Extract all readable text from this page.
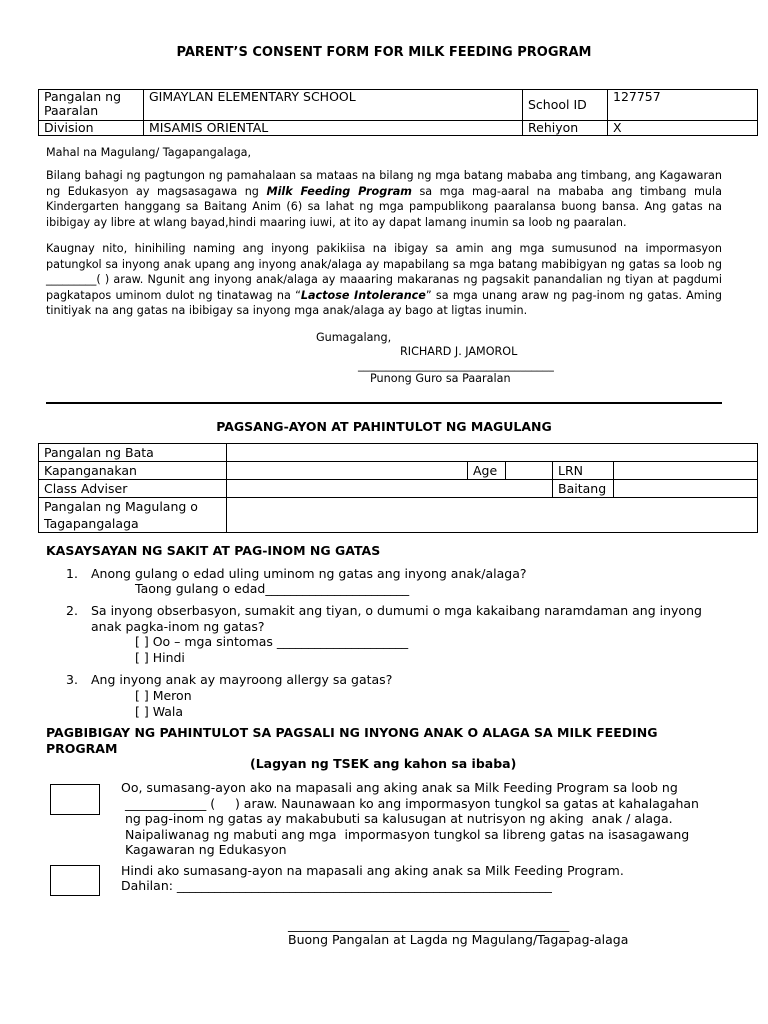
PARENT’S CONSENT FORM FOR MILK FEEDING PROGRAM
Pangalan ng Paaralan	GIMAYLAN ELEMENTARY SCHOOL	School ID	127757
Division	MISAMIS ORIENTAL	Rehiyon	X
Mahal na Magulang/ Tagapangalaga,
Bilang bahagi ng pagtungon ng pamahalaan sa mataas na bilang ng mga batang mababa ang timbang, ang Kagawaran ng Edukasyon ay magsasagawa ng Milk Feeding Program sa mga mag-aaral na mababa ang timbang mula Kindergarten hanggang sa Baitang Anim (6) sa lahat ng mga pampublikong paaralansa buong bansa. Ang gatas na ibibigay ay libre at wlang bayad,hindi maaring iuwi, at ito ay dapat lamang inumin sa loob ng paaralan.
Kaugnay nito, hinihiling naming ang inyong pakikiisa na ibigay sa amin ang mga sumusunod na impormasyon patungkol sa inyong anak upang ang inyong anak/alaga ay mapabilang sa mga batang mabibigyan ng gatas sa loob ng _________( ) araw. Ngunit ang inyong anak/alaga ay maaaring makaranas ng pagsakit panandalian ng tiyan at pagdumi pagkatapos uminom dulot ng tinatawag na “Lactose Intolerance” sa mga unang araw ng pag-inom ng gatas. Aming tinitiyak na ang gatas na ibibigay sa inyong mga anak/alaga ay bago at ligtas inumin.
Gumagalang,
RICHARD J. JAMOROL
___________________________________
Punong Guro sa Paaralan
PAGSANG-AYON AT PAHINTULOT NG MAGULANG
Pangalan ng Bata					
Kapanganakan		Age		LRN	
Class Adviser				Baitang	
Pangalan ng Magulang o Tagapangalaga					
KASAYSAYAN NG SAKIT AT PAG-INOM NG GATAS
1. Anong gulang o edad uling uminom ng gatas ang inyong anak/alaga?
Taong gulang o edad_______________________
2. Sa inyong obserbasyon, sumakit ang tiyan, o dumumi o mga kakaibang naramdaman ang inyong anak pagka-inom ng gatas?
[ ] Oo – mga sintomas _____________________
[ ] Hindi
3. Ang inyong anak ay mayroong allergy sa gatas?
[ ] Meron
[ ] Wala
PAGBIBIGAY NG PAHINTULOT SA PAGSALI NG INYONG ANAK O ALAGA SA MILK FEEDING PROGRAM
(Lagyan ng TSEK ang kahon sa ibaba)
Oo, sumasang-ayon ako na mapasali ang aking anak sa Milk Feeding Program sa loob ng
_____________ (     ) araw. Naunawaan ko ang impormasyon tungkol sa gatas at kahalagahan
ng pag-inom ng gatas ay makabubuti sa kalusugan at nutrisyon ng aking  anak / alaga.
Naipaliwanag ng mabuti ang mga  impormasyon tungkol sa libreng gatas na isasagawang
Kagawaran ng Edukasyon
Hindi ako sumasang-ayon na mapasali ang aking anak sa Milk Feeding Program.
Dahilan: ____________________________________________________________
_____________________________________________
Buong Pangalan at Lagda ng Magulang/Tagapag-alaga
